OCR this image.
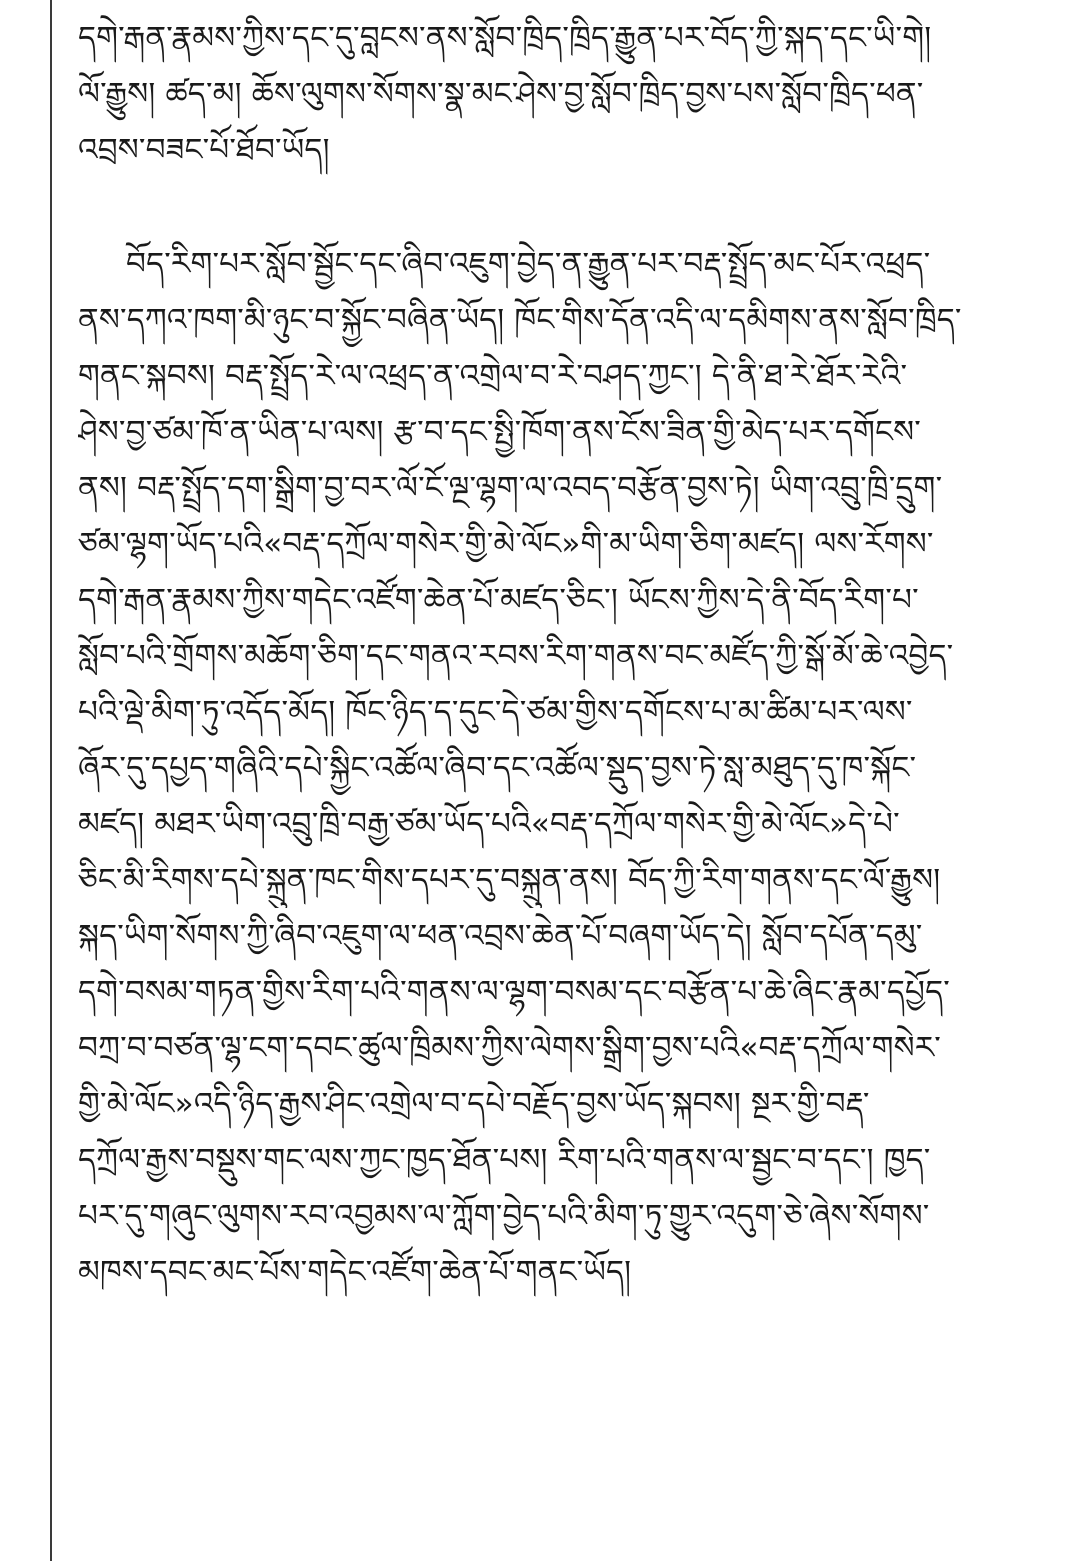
དགེ་རྒན་རྣམས་ཀྱིས་དང་དུ་བླངས་ནས་སློབ་ཁྲིད་ཁྲིད་རྒྱུན་པར་བོད་ཀྱི་སྐད་དང་ཡི་གེ།
ལོ་རྒྱུས། ཚད་མ། ཆོས་ལུགས་སོགས་སྣ་མང་ཤེས་བྱ་སློབ་ཁྲིད་བྱས་པས་སློབ་ཁྲིད་ཕན་
འབྲས་བཟང་པོ་ཐོབ་ཡོད།
བོད་རིག་པར་སློབ་སྦྱོང་དང་ཞིབ་འཇུག་བྱེད་ན་རྒྱུན་པར་བརྡ་སྤྲོད་མང་པོར་འཕྲད་
ནས་དཀའ་ཁག་མི་ཉུང་བ་སྐྱོང་བཞིན་ཡོད། ཁོང་གིས་དོན་འདི་ལ་དམིགས་ནས་སློབ་ཁྲིད་
གནང་སྐབས། བརྡ་སྤྲོད་རེ་ལ་འཕྲད་ན་འགྲེལ་བ་རེ་བཤད་ཀྱང་། དེ་ནི་ཐ་རེ་ཐོར་རེའི་
ཤེས་བྱ་ཙམ་ཁོ་ན་ཡིན་པ་ལས། རྩ་བ་དང་སྤྱི་ཁོག་ནས་ངོས་ཟིན་གྱི་མེད་པར་དགོངས་
ནས། བརྡ་སྤྲོད་དག་སྒྲིག་བྱ་བར་ལོ་ངོ་ལྔ་ལྷག་ལ་འབད་བརྩོན་བྱས་ཏེ། ཡིག་འབྲུ་ཁྲི་དྲུག་
ཙམ་ལྷག་ཡོད་པའི«བརྡ་དཀྲོལ་གསེར་གྱི་མེ་ལོང»གི་མ་ཡིག་ཅིག་མཛད། ལས་རོགས་
དགེ་རྒན་རྣམས་ཀྱིས་གདེང་འཛོག་ཆེན་པོ་མཛད་ཅིང་། ཡོངས་ཀྱིས་དེ་ནི་བོད་རིག་པ་
སློབ་པའི་གྲོགས་མཆོག་ཅིག་དང་གནའ་རབས་རིག་གནས་བང་མཛོད་ཀྱི་སྒོ་མོ་ཆེ་འབྱེད་
པའི་ལྡེ་མིག་ཏུ་འདོད་མོད། ཁོང་ཉིད་ད་དུང་དེ་ཙམ་གྱིས་དགོངས་པ་མ་ཚིམ་པར་ལས་
ཞོར་དུ་དཔྱད་གཞིའི་དཔེ་སྐྱིང་འཚོལ་ཞིབ་དང་འཚོལ་སྡུད་བྱས་ཏེ་སླ་མཐུད་དུ་ཁ་སྐོང་
མཛད། མཐར་ཡིག་འབྲུ་ཁྲི་བརྒྱ་ཙམ་ཡོད་པའི«བརྡ་དཀྲོལ་གསེར་གྱི་མེ་ལོང»དེ་པེ་
ཅིང་མི་རིགས་དཔེ་སྐྲུན་ཁང་གིས་དཔར་དུ་བསྐྲུན་ནས། བོད་ཀྱི་རིག་གནས་དང་ལོ་རྒྱུས།
སྐད་ཡིག་སོགས་ཀྱི་ཞིབ་འཇུག་ལ་ཕན་འབྲས་ཆེན་པོ་བཞག་ཡོད་དེ། སློབ་དཔོན་དམུ་
དགེ་བསམ་གཏན་གྱིས་རིག་པའི་གནས་ལ་ལྷག་བསམ་དང་བརྩོན་པ་ཆེ་ཞིང་རྣམ་དཔྱོད་
བཀྲ་བ་བཙན་ལྷ་ངག་དབང་ཚུལ་ཁྲིམས་ཀྱིས་ལེགས་སྒྲིག་བྱས་པའི«བརྡ་དཀྲོལ་གསེར་
གྱི་མེ་ལོང»འདི་ཉིད་རྒྱས་ཤིང་འགྲེལ་བ་དཔེ་བརྗོད་བྱས་ཡོད་སྐབས། སྔར་གྱི་བརྡ་
དཀྲོལ་རྒྱས་བསྡུས་གང་ལས་ཀྱང་ཁྱད་ཐོན་པས། རིག་པའི་གནས་ལ་སྦྱང་བ་དང་། ཁྱད་
པར་དུ་གཞུང་ལུགས་རབ་འབྱམས་ལ་ཀློག་བྱེད་པའི་མིག་ཏུ་གྱུར་འདུག་ཅེ་ཞེས་སོགས་
མཁས་དབང་མང་པོས་གདེང་འཛོག་ཆེན་པོ་གནང་ཡོད།
